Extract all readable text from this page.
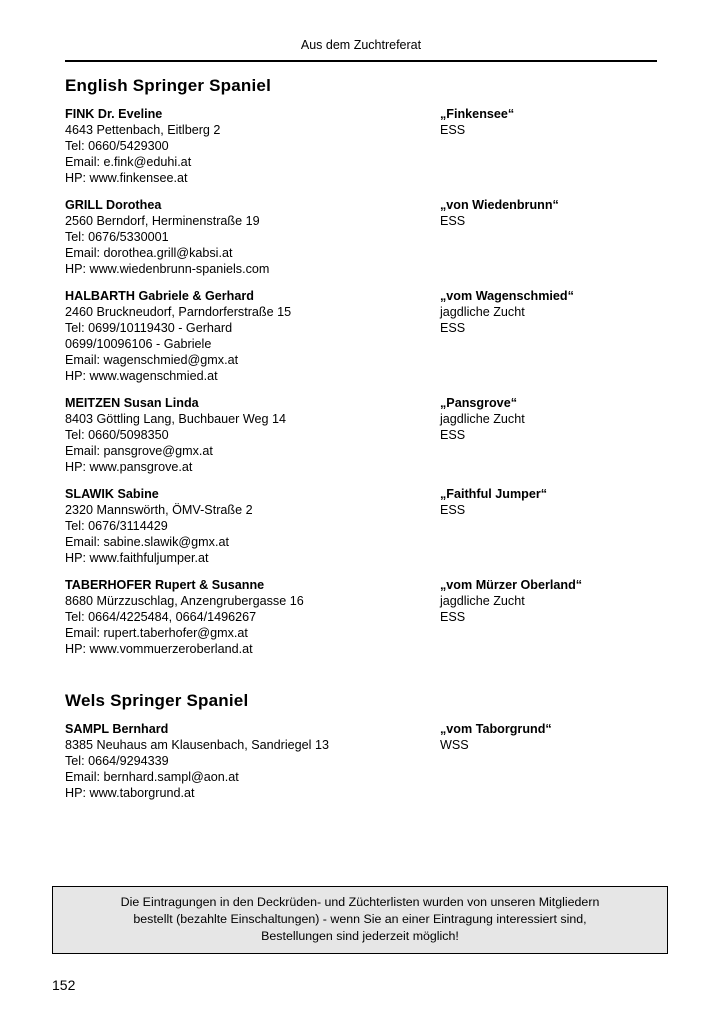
Aus dem Zuchtreferat
English Springer Spaniel
FINK Dr. Eveline
4643 Pettenbach, Eitlberg 2
Tel: 0660/5429300
Email: e.fink@eduhi.at
HP: www.finkensee.at
„Finkensee“
ESS
GRILL Dorothea
2560 Berndorf, Herminenstraße 19
Tel: 0676/5330001
Email: dorothea.grill@kabsi.at
HP: www.wiedenbrunn-spaniels.com
„von Wiedenbrunn“
ESS
HALBARTH Gabriele & Gerhard
2460 Bruckneudorf, Parndorferstraße 15
Tel: 0699/10119430 - Gerhard
0699/10096106 - Gabriele
Email: wagenschmied@gmx.at
HP: www.wagenschmied.at
„vom Wagenschmied“
jagdliche Zucht
ESS
MEITZEN Susan Linda
8403 Göttling Lang, Buchbauer Weg 14
Tel: 0660/5098350
Email: pansgrove@gmx.at
HP: www.pansgrove.at
„Pansgrove“
jagdliche Zucht
ESS
SLAWIK Sabine
2320 Mannswörth, ÖMV-Straße 2
Tel: 0676/3114429
Email: sabine.slawik@gmx.at
HP: www.faithfuljumper.at
„Faithful Jumper“
ESS
TABERHOFER Rupert & Susanne
8680 Mürzzuschlag, Anzengrubergasse 16
Tel: 0664/4225484, 0664/1496267
Email: rupert.taberhofer@gmx.at
HP: www.vommuerzeroberland.at
„vom Mürzer Oberland“
jagdliche Zucht
ESS
Wels Springer Spaniel
SAMPL Bernhard
8385 Neuhaus am Klausenbach, Sandriegel 13
Tel: 0664/9294339
Email: bernhard.sampl@aon.at
HP: www.taborgrund.at
„vom Taborgrund“
WSS
Die Eintragungen in den Deckrüden- und Züchterlisten wurden von unseren Mitgliedern
bestellt (bezahlte Einschaltungen) - wenn Sie an einer Eintragung interessiert sind,
Bestellungen sind jederzeit möglich!
152
